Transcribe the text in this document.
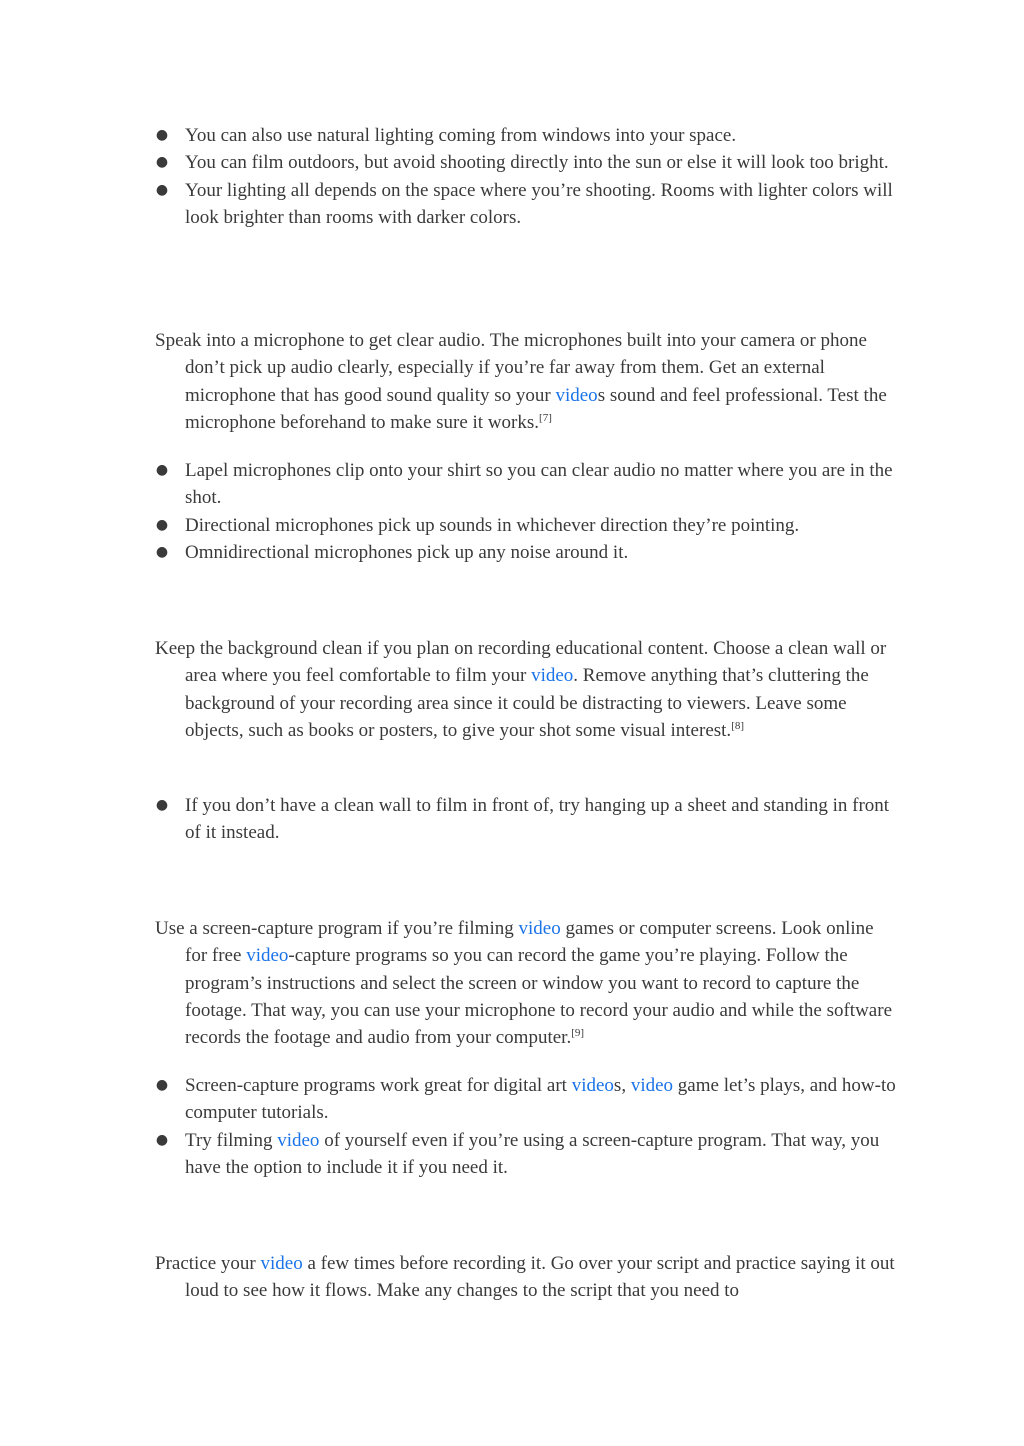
● You can also use natural lighting coming from windows into your space.
● You can film outdoors, but avoid shooting directly into the sun or else it will look too bright.
● Your lighting all depends on the space where you’re shooting. Rooms with lighter colors will look brighter than rooms with darker colors.

Speak into a microphone to get clear audio. The microphones built into your camera or phone don’t pick up audio clearly, especially if you’re far away from them. Get an external microphone that has good sound quality so your videos sound and feel professional. Test the microphone beforehand to make sure it works.[7]

● Lapel microphones clip onto your shirt so you can clear audio no matter where you are in the shot.
● Directional microphones pick up sounds in whichever direction they’re pointing.
● Omnidirectional microphones pick up any noise around it.

Keep the background clean if you plan on recording educational content. Choose a clean wall or area where you feel comfortable to film your video. Remove anything that’s cluttering the background of your recording area since it could be distracting to viewers. Leave some objects, such as books or posters, to give your shot some visual interest.[8]

● If you don’t have a clean wall to film in front of, try hanging up a sheet and standing in front of it instead.

Use a screen-capture program if you’re filming video games or computer screens. Look online for free video-capture programs so you can record the game you’re playing. Follow the program’s instructions and select the screen or window you want to record to capture the footage. That way, you can use your microphone to record your audio and while the software records the footage and audio from your computer.[9]

● Screen-capture programs work great for digital art videos, video game let’s plays, and how-to computer tutorials.
● Try filming video of yourself even if you’re using a screen-capture program. That way, you have the option to include it if you need it.

Practice your video a few times before recording it. Go over your script and practice saying it out loud to see how it flows. Make any changes to the script that you need to
